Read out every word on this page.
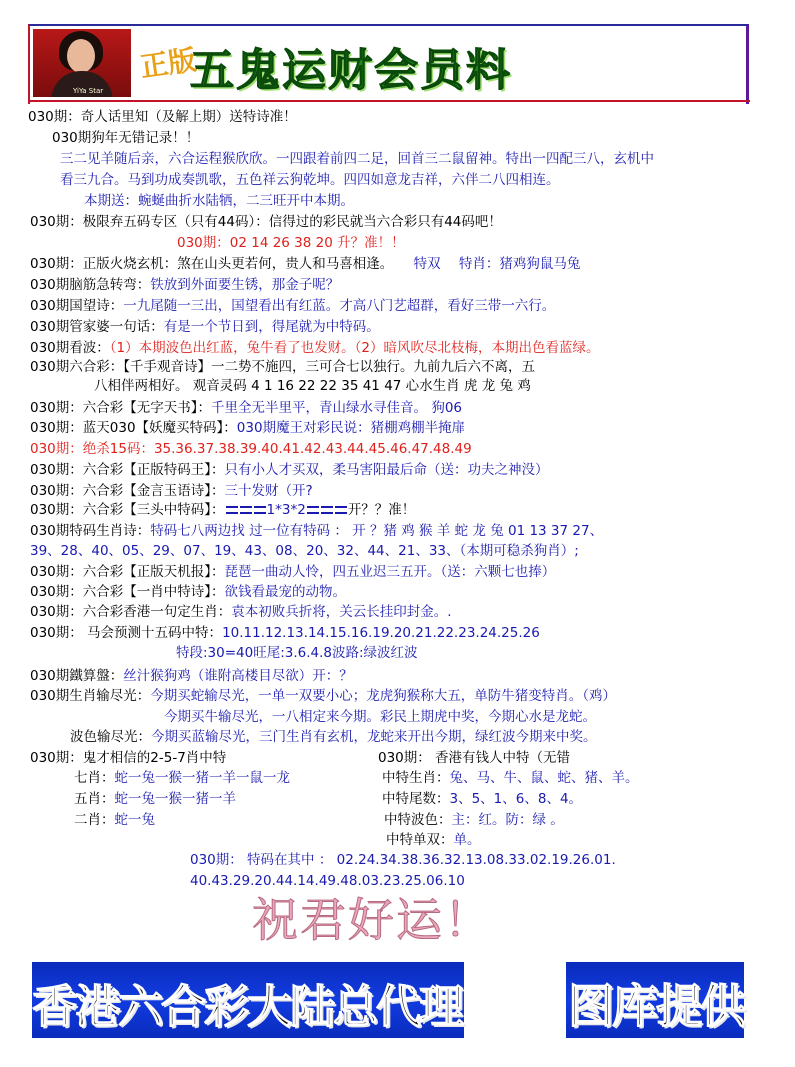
YiYa Star
正版
五鬼运财会员料
030期：奇人话里知（及解上期）送特诗准！
030期狗年无错记录！！
三二见羊随后亲，六合运程猴欣欣。一四跟着前四二足，回首三二鼠留神。特出一四配三八，玄机中
看三九合。马到功成奏凯歌，五色祥云狗乾坤。四四如意龙吉祥，六伴二八四相连。
本期送：蜿蜒曲折水陆牺，二三旺开中本期。
030期：极限弃五码专区（只有44码）：信得过的彩民就当六合彩只有44码吧！
030期：02 14 26 38 20 升？准！！
030期：正版火烧玄机：煞在山头更若何，贵人和马喜相逢。 特双 特肖：猪鸡狗鼠马兔
030期脑筋急转弯：铁放到外面要生锈，那金子呢？
030期国望诗：一九尾随一三出，国望看出有红蓝。才高八门艺超群，看好三带一六行。
030期管家婆一句话：有是一个节日到，得尾就为中特码。
030期看波：（1）本期波色出红蓝，兔牛看了也发财。（2）暗风吹尽北枝梅，本期出色看蓝绿。
030期六合彩：【千手观音诗】一二势不施四，三可合七以独行。九前九后六不离，五
八相伴两相好。 观音灵码 4 1 16 22 22 35 41 47 心水生肖 虎 龙 兔 鸡
030期：六合彩【无字天书】：千里全无半里平，青山绿水寻佳音。 狗06
030期：蓝天030【妖魔买特码】：030期魔王对彩民说：猪棚鸡棚半掩扉
030期：绝杀15码：35.36.37.38.39.40.41.42.43.44.45.46.47.48.49
030期：六合彩【正版特码王】：只有小人才买双，柔马害阳最后命（送：功夫之神没）
030期：六合彩【金言玉语诗】：三十发财（开?
030期：六合彩【三头中特码】：	1*3*2	开？？准！
030期特码生肖诗：特码七八两边找 过一位有特码 ： 开 ？猪 鸡 猴 羊 蛇 龙 兔 01 13 37 27、
39、28、40、05、29、07、19、43、08、20、32、44、21、33、（本期可稳杀狗肖）;
030期：六合彩【正版天机报】：琵琶一曲动人怜，四五业迟三五开。（送：六颗七也捧）
030期：六合彩【一肖中特诗】：欲钱看最宠的动物。
030期：六合彩香港一句定生肖：袁本初败兵折将，关云长挂印封金。.
030期： 马会预测十五码中特：10.11.12.13.14.15.16.19.20.21.22.23.24.25.26
特段:30=40旺尾:3.6.4.8波路:绿波红波
030期鐵算盤：丝汁猴狗鸡（谁附高楼目尽欲）开：？
030期生肖输尽光：今期买蛇输尽光，一单一双要小心；龙虎狗猴称大五，单防牛猪变特肖。（鸡）
今期买牛输尽光，一八相定来今期。彩民上期虎中奖，今期心水是龙蛇。
波色输尽光：今期买蓝输尽光，三门生肖有玄机，龙蛇来开出今期，绿红波今期来中奖。
030期：鬼才相信的2-5-7肖中特
七肖：蛇一兔一猴一猪一羊一鼠一龙
五肖：蛇一兔一猴一猪一羊
二肖：蛇一兔
030期： 香港有钱人中特（无错
中特生肖：兔、马、牛、鼠、蛇、猪、羊。
中特尾数：3、5、1、6、8、4。
中特波色：主：红。防：绿 。
中特单双：单。
030期： 特码在其中 ： 02.24.34.38.36.32.13.08.33.02.19.26.01.
40.43.29.20.44.14.49.48.03.23.25.06.10
祝君好运！
香港六合彩大陆总代理 图库提供
